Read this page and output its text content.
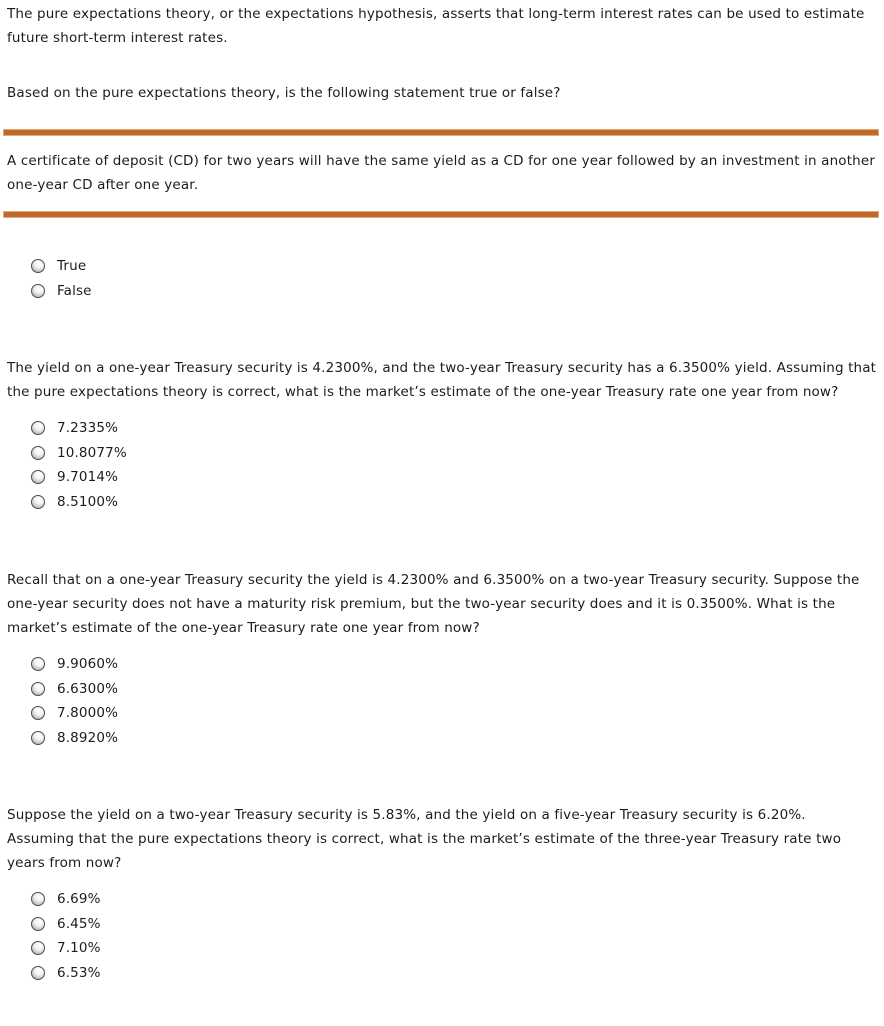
The pure expectations theory, or the expectations hypothesis, asserts that long-term interest rates can be used to estimate future short-term interest rates.

Based on the pure expectations theory, is the following statement true or false?

A certificate of deposit (CD) for two years will have the same yield as a CD for one year followed by an investment in another one-year CD after one year.

True
False

The yield on a one-year Treasury security is 4.2300%, and the two-year Treasury security has a 6.3500% yield. Assuming that the pure expectations theory is correct, what is the market’s estimate of the one-year Treasury rate one year from now?

7.2335%
10.8077%
9.7014%
8.5100%

Recall that on a one-year Treasury security the yield is 4.2300% and 6.3500% on a two-year Treasury security. Suppose the one-year security does not have a maturity risk premium, but the two-year security does and it is 0.3500%. What is the market’s estimate of the one-year Treasury rate one year from now?

9.9060%
6.6300%
7.8000%
8.8920%

Suppose the yield on a two-year Treasury security is 5.83%, and the yield on a five-year Treasury security is 6.20%. Assuming that the pure expectations theory is correct, what is the market’s estimate of the three-year Treasury rate two years from now?

6.69%
6.45%
7.10%
6.53%
